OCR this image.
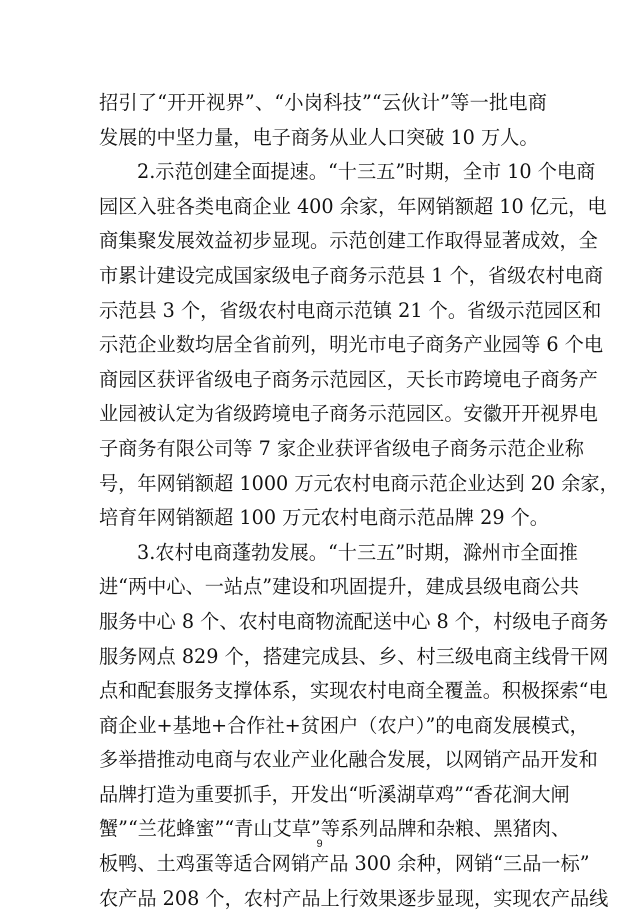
招引了“开开视界”、“小岗科技”“云伙计”等一批电商
发展的中坚力量，电子商务从业人口突破 10 万人。
2.示范创建全面提速。“十三五”时期，全市 10 个电商
园区入驻各类电商企业 400 余家，年网销额超 10 亿元，电
商集聚发展效益初步显现。示范创建工作取得显著成效，全
市累计建设完成国家级电子商务示范县 1 个，省级农村电商
示范县 3 个，省级农村电商示范镇 21 个。省级示范园区和
示范企业数均居全省前列，明光市电子商务产业园等 6 个电
商园区获评省级电子商务示范园区，天长市跨境电子商务产
业园被认定为省级跨境电子商务示范园区。安徽开开视界电
子商务有限公司等 7 家企业获评省级电子商务示范企业称
号，年网销额超 1000 万元农村电商示范企业达到 20 余家，
培育年网销额超 100 万元农村电商示范品牌 29 个。
3.农村电商蓬勃发展。“十三五”时期，滁州市全面推
进“两中心、一站点”建设和巩固提升，建成县级电商公共
服务中心 8 个、农村电商物流配送中心 8 个，村级电子商务
服务网点 829 个，搭建完成县、乡、村三级电商主线骨干网
点和配套服务支撑体系，实现农村电商全覆盖。积极探索“电
商企业+基地+合作社+贫困户（农户）”的电商发展模式，
多举措推动电商与农业产业化融合发展，以网销产品开发和
品牌打造为重要抓手，开发出“听溪湖草鸡”“香花涧大闸
蟹”“兰花蜂蜜”“青山艾草”等系列品牌和杂粮、黑猪肉、
板鸭、土鸡蛋等适合网销产品 300 余种，网销“三品一标”
农产品 208 个，农村产品上行效果逐步显现，实现农产品线
9
